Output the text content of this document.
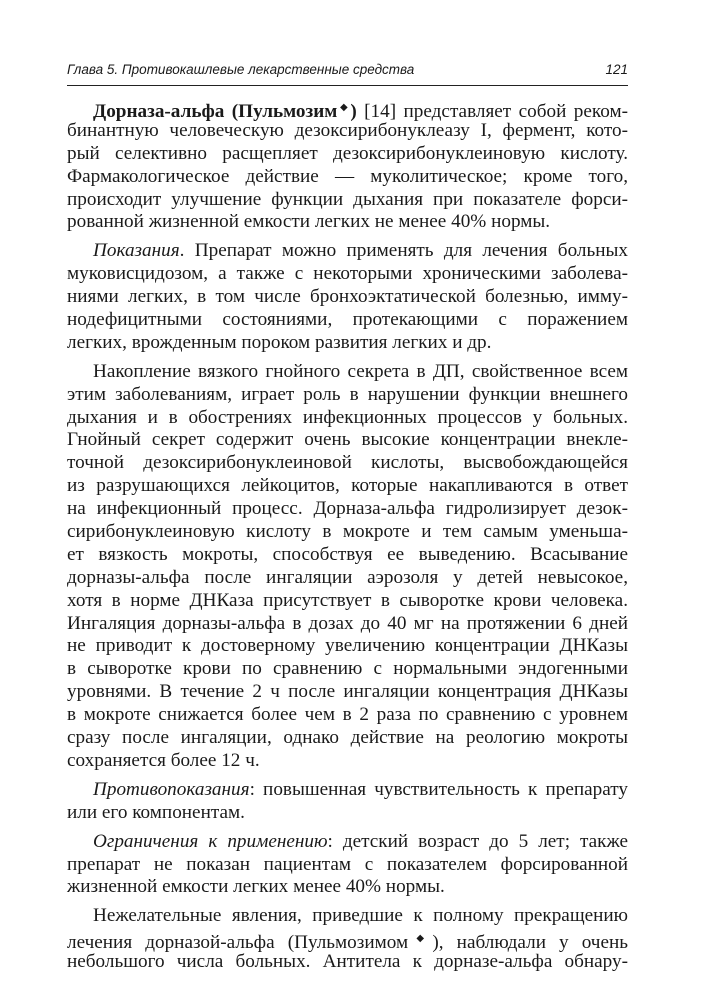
Глава 5. Противокашлевые лекарственные средства	121
Дорназа-альфа (Пульмозим◆) [14] представляет собой реком-
бинантную человеческую дезоксирибонуклеазу I, фермент, кото-
рый селективно расщепляет дезоксирибонуклеиновую кислоту.
Фармакологическое действие — муколитическое; кроме того,
происходит улучшение функции дыхания при показателе форси-
рованной жизненной емкости легких не менее 40% нормы.
Показания. Препарат можно применять для лечения больных
муковисцидозом, а также с некоторыми хроническими заболева-
ниями легких, в том числе бронхоэктатической болезнью, имму-
нодефицитными состояниями, протекающими с поражением
легких, врожденным пороком развития легких и др.
Накопление вязкого гнойного секрета в ДП, свойственное всем
этим заболеваниям, играет роль в нарушении функции внешнего
дыхания и в обострениях инфекционных процессов у больных.
Гнойный секрет содержит очень высокие концентрации внекле-
точной дезоксирибонуклеиновой кислоты, высвобождающейся
из разрушающихся лейкоцитов, которые накапливаются в ответ
на инфекционный процесс. Дорназа-альфа гидролизирует дезок-
сирибонуклеиновую кислоту в мокроте и тем самым уменьша-
ет вязкость мокроты, способствуя ее выведению. Всасывание
дорназы-альфа после ингаляции аэрозоля у детей невысокое,
хотя в норме ДНКаза присутствует в сыворотке крови человека.
Ингаляция дорназы-альфа в дозах до 40 мг на протяжении 6 дней
не приводит к достоверному увеличению концентрации ДНКазы
в сыворотке крови по сравнению с нормальными эндогенными
уровнями. В течение 2 ч после ингаляции концентрация ДНКазы
в мокроте снижается более чем в 2 раза по сравнению с уровнем
сразу после ингаляции, однако действие на реологию мокроты
сохраняется более 12 ч.
Противопоказания: повышенная чувствительность к препарату
или его компонентам.
Ограничения к применению: детский возраст до 5 лет; также
препарат не показан пациентам с показателем форсированной
жизненной емкости легких менее 40% нормы.
Нежелательные явления, приведшие к полному прекращению
лечения дорназой-альфа (Пульмозимом◆), наблюдали у очень
небольшого числа больных. Антитела к дорназе-альфа обнару-
